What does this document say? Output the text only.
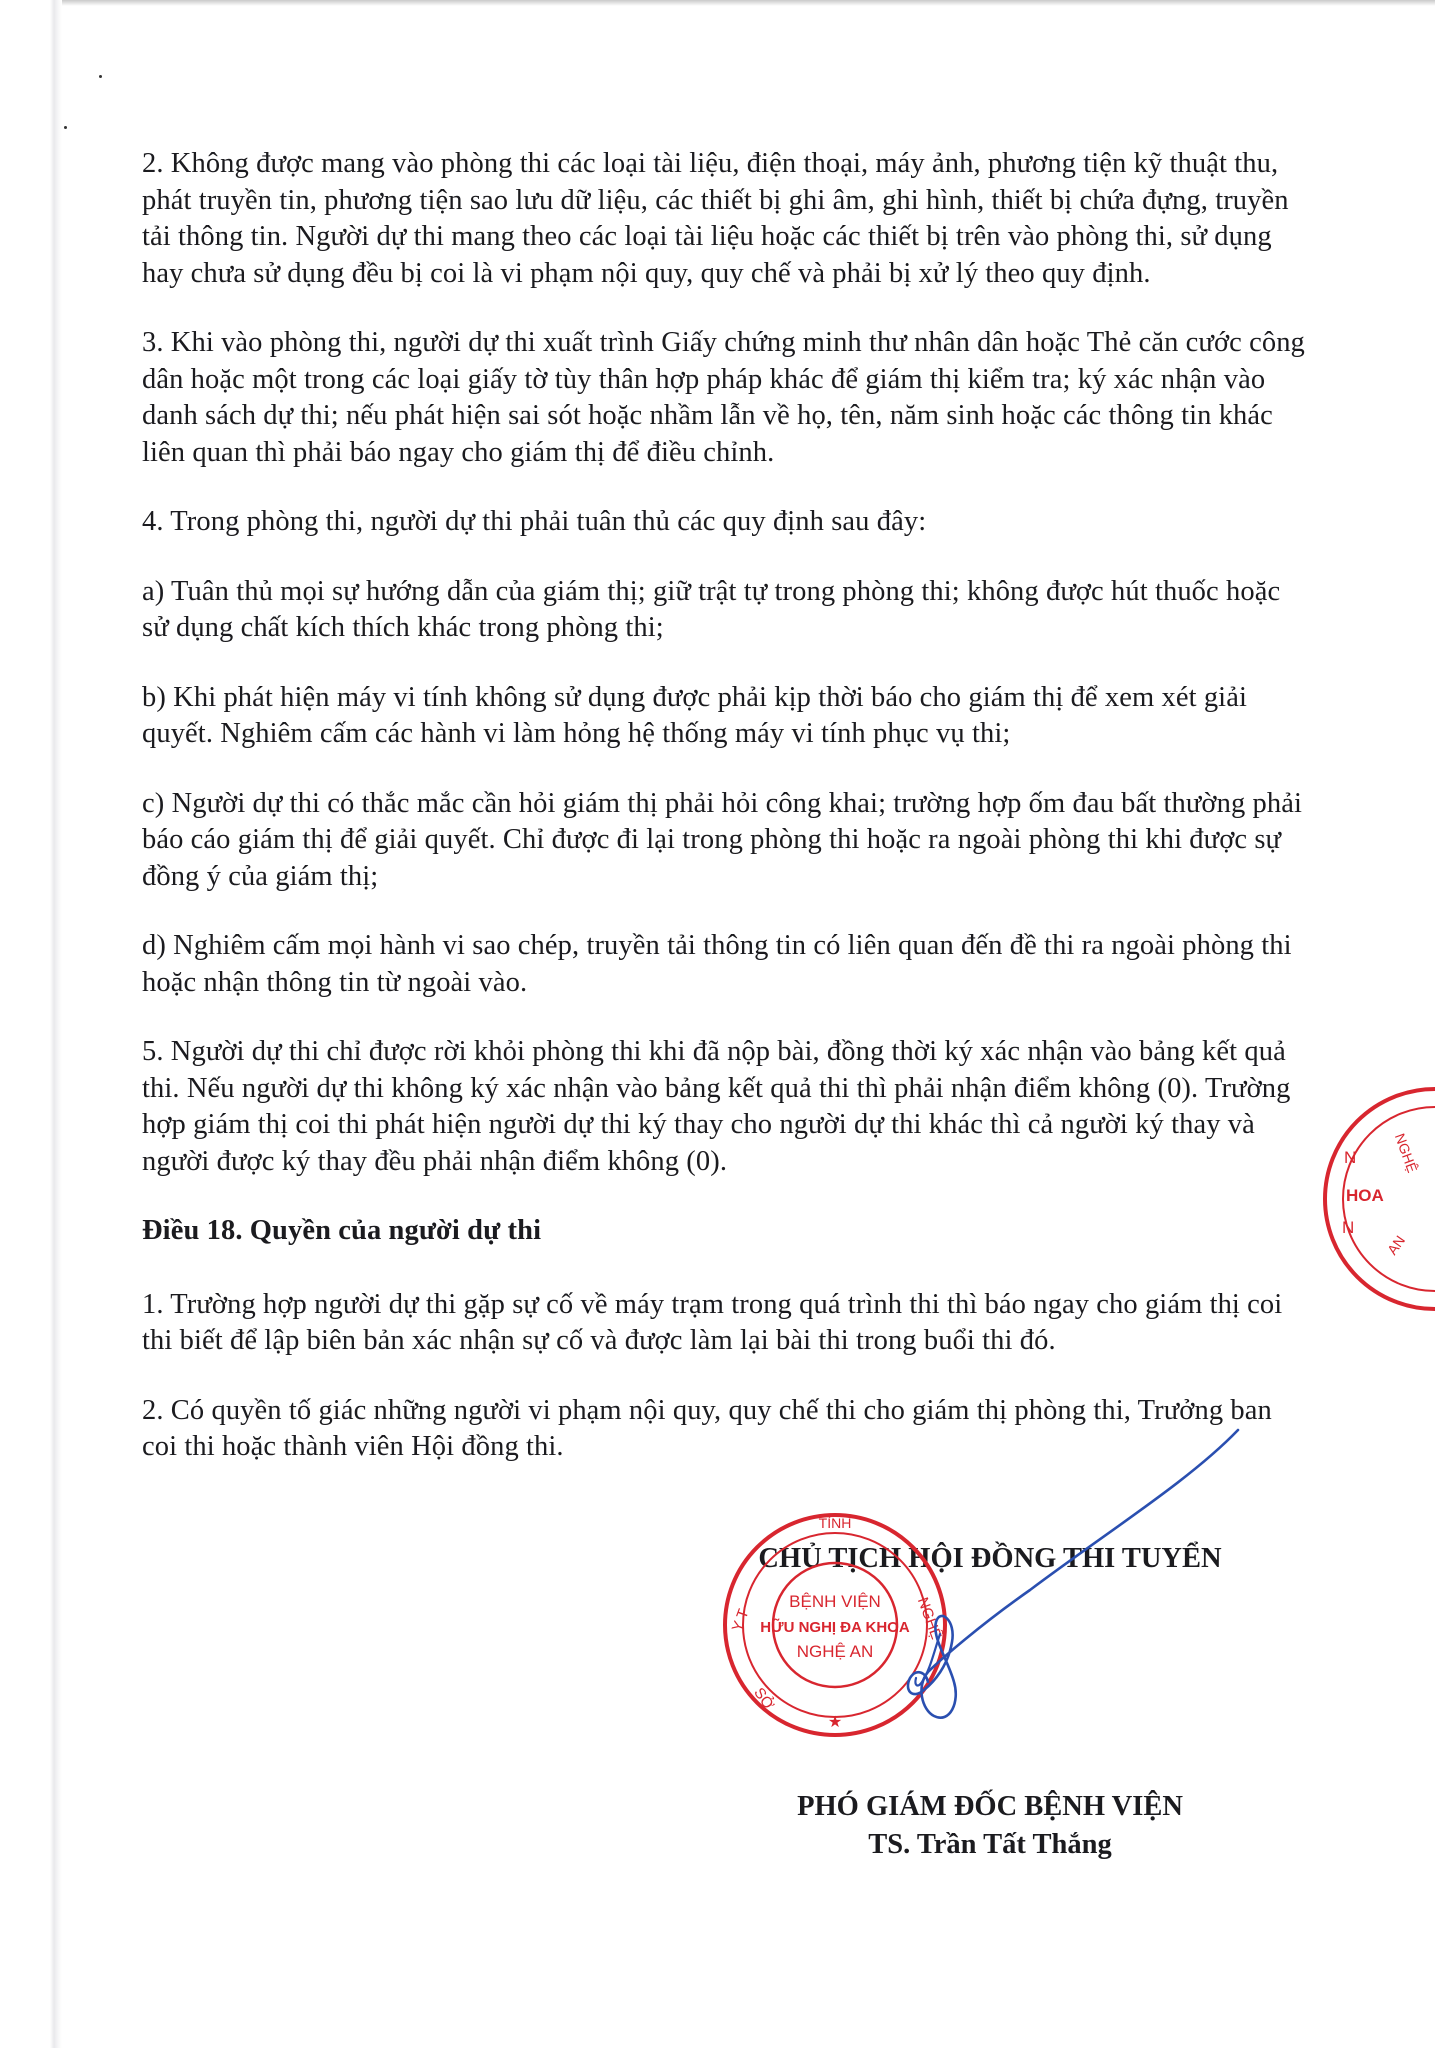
2. Không được mang vào phòng thi các loại tài liệu, điện thoại, máy ảnh, phương tiện kỹ thuật thu, phát truyền tin, phương tiện sao lưu dữ liệu, các thiết bị ghi âm, ghi hình, thiết bị chứa đựng, truyền tải thông tin. Người dự thi mang theo các loại tài liệu hoặc các thiết bị trên vào phòng thi, sử dụng hay chưa sử dụng đều bị coi là vi phạm nội quy, quy chế và phải bị xử lý theo quy định.

3. Khi vào phòng thi, người dự thi xuất trình Giấy chứng minh thư nhân dân hoặc Thẻ căn cước công dân hoặc một trong các loại giấy tờ tùy thân hợp pháp khác để giám thị kiểm tra; ký xác nhận vào danh sách dự thi; nếu phát hiện sai sót hoặc nhầm lẫn về họ, tên, năm sinh hoặc các thông tin khác liên quan thì phải báo ngay cho giám thị để điều chỉnh.

4. Trong phòng thi, người dự thi phải tuân thủ các quy định sau đây:

a) Tuân thủ mọi sự hướng dẫn của giám thị; giữ trật tự trong phòng thi; không được hút thuốc hoặc sử dụng chất kích thích khác trong phòng thi;

b) Khi phát hiện máy vi tính không sử dụng được phải kịp thời báo cho giám thị để xem xét giải quyết. Nghiêm cấm các hành vi làm hỏng hệ thống máy vi tính phục vụ thi;

c) Người dự thi có thắc mắc cần hỏi giám thị phải hỏi công khai; trường hợp ốm đau bất thường phải báo cáo giám thị để giải quyết. Chỉ được đi lại trong phòng thi hoặc ra ngoài phòng thi khi được sự đồng ý của giám thị;

d) Nghiêm cấm mọi hành vi sao chép, truyền tải thông tin có liên quan đến đề thi ra ngoài phòng thi hoặc nhận thông tin từ ngoài vào.

5. Người dự thi chỉ được rời khỏi phòng thi khi đã nộp bài, đồng thời ký xác nhận vào bảng kết quả thi. Nếu người dự thi không ký xác nhận vào bảng kết quả thi thì phải nhận điểm không (0). Trường hợp giám thị coi thi phát hiện người dự thi ký thay cho người dự thi khác thì cả người ký thay và người được ký thay đều phải nhận điểm không (0).

Điều 18. Quyền của người dự thi

1. Trường hợp người dự thi gặp sự cố về máy trạm trong quá trình thi thì báo ngay cho giám thị coi thi biết để lập biên bản xác nhận sự cố và được làm lại bài thi trong buổi thi đó.

2. Có quyền tố giác những người vi phạm nội quy, quy chế thi cho giám thị phòng thi, Trưởng ban coi thi hoặc thành viên Hội đồng thi.

N
HOA
N
NGHỆ
AN
CHỦ TỊCH HỘI ĐỒNG THI TUYỂN
PHÓ GIÁM ĐỐC BỆNH VIỆN
TS. Trần Tất Thắng
TỈNH
Y T	NGHỆ
SỞ
BỆNH VIỆN
HỮU NGHỊ ĐA KHOA
NGHỆ AN
★
